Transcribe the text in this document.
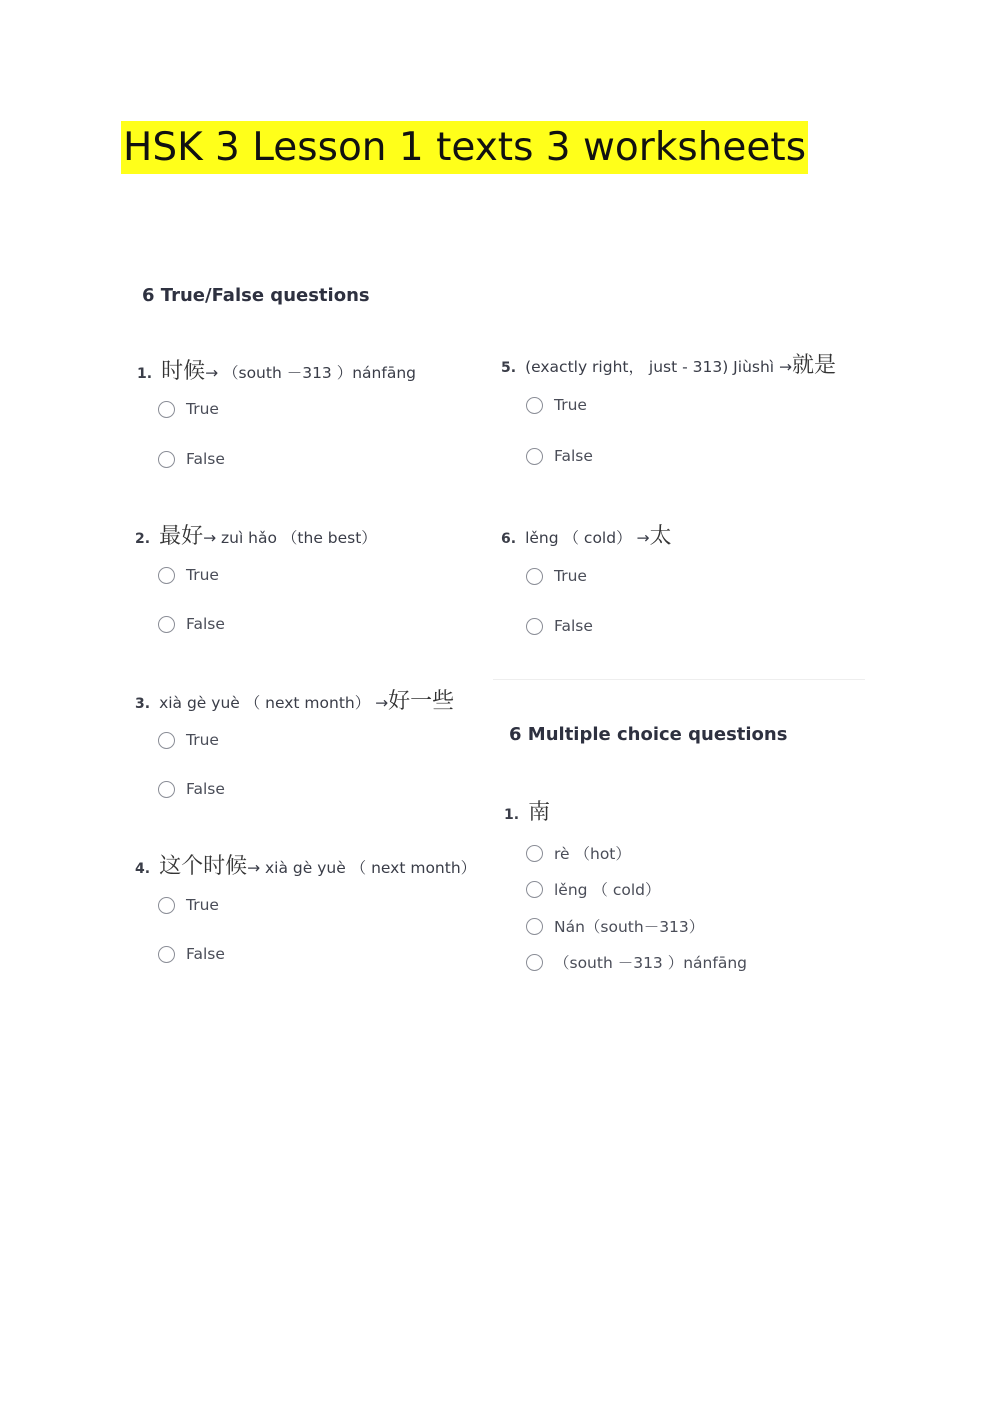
HSK 3 Lesson 1 texts 3 worksheets
6 True/False questions
1. 时候 → （south －313 ）nánfāng
True
False
2. 最好 → zuì hǎo （the best）
True
False
3. xià gè yuè （ next month） → 好一些
True
False
4. 这个时候 → xià gè yuè （ next month）
True
False
5. (exactly right， just - 313) Jiùshì → 就是
True
False
6. lěng （ cold） → 太
True
False
6 Multiple choice questions
1. 南
rè （hot）
lěng （ cold）
Nán（south－313）
（south －313 ）nánfāng
